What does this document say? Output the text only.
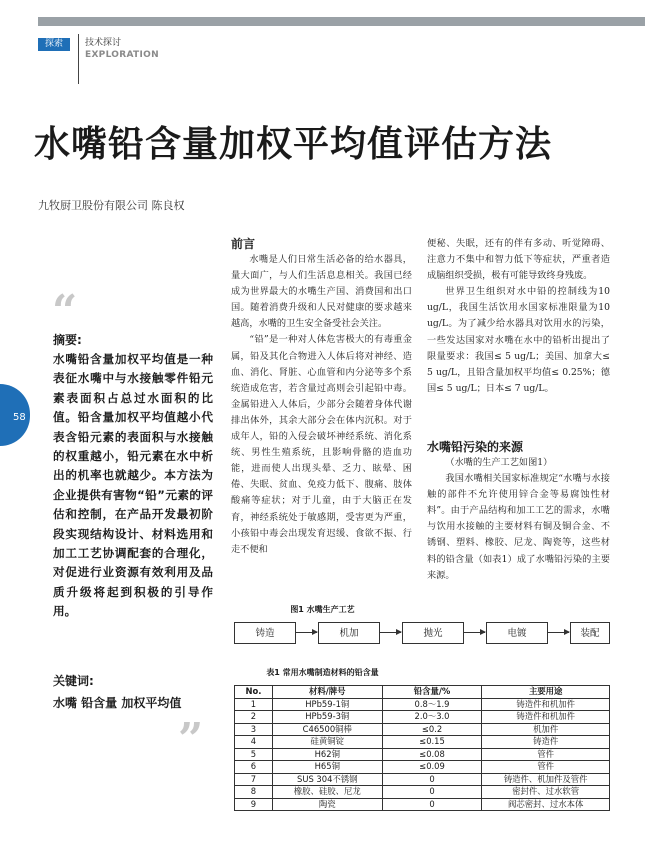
探索	技术探讨
EXPLORATION
水嘴铅含量加权平均值评估方法
九牧厨卫股份有限公司 陈良权
58
“
摘要:
水嘴铅含量加权平均值是一种表征水嘴中与水接触零件铅元素表面积占总过水面积的比值。铅含量加权平均值越小代表含铅元素的表面积与水接触的权重越小，铅元素在水中析出的机率也就越少。本方法为企业提供有害物“铅”元素的评估和控制，在产品开发最初阶段实现结构设计、材料选用和加工工艺协调配套的合理化，对促进行业资源有效利用及品质升级将起到积极的引导作用。
关键词:
水嘴 铅含量 加权平均值
”
前言

水嘴是人们日常生活必备的给水器具，量大面广，与人们生活息息相关。我国已经成为世界最大的水嘴生产国、消费国和出口国。随着消费升级和人民对健康的要求越来越高，水嘴的卫生安全备受社会关注。

“铅”是一种对人体危害极大的有毒重金属，铅及其化合物进入人体后将对神经、造血、消化、肾脏、心血管和内分泌等多个系统造成危害，若含量过高则会引起铅中毒。金属铅进入人体后，少部分会随着身体代谢排出体外，其余大部分会在体内沉积。对于成年人，铅的入侵会破坏神经系统、消化系统、男性生殖系统，且影响骨骼的造血功能，进而使人出现头晕、乏力、眩晕、困倦、失眠、贫血、免疫力低下、腹痛、肢体酸痛等症状；对于儿童，由于大脑正在发育，神经系统处于敏感期，受害更为严重，小孩铅中毒会出现发育迟缓、食欲不振、行走不便和

便秘、失眠，还有的伴有多动、听觉障碍、注意力不集中和智力低下等症状，严重者造成脑组织受损，极有可能导致终身残废。

世界卫生组织对水中铅的控制线为10 ug/L，我国生活饮用水国家标准限量为10 ug/L。为了减少给水器具对饮用水的污染，一些发达国家对水嘴在水中的铅析出提出了限量要求：我国≤ 5 ug/L；美国、加拿大≤ 5 ug/L，且铅含量加权平均值≤ 0.25%；德国≤ 5 ug/L；日本≤ 7 ug/L。

水嘴铅污染的来源

（水嘴的生产工艺如图1）

我国水嘴相关国家标准规定“水嘴与水接触的部件不允许使用锌合金等易腐蚀性材料”。由于产品结构和加工工艺的需求，水嘴与饮用水接触的主要材料有铜及铜合金、不锈钢、塑料、橡胶、尼龙、陶瓷等，这些材料的铅含量（如表1）成了水嘴铅污染的主要来源。

图1 水嘴生产工艺
铸造	机加	抛光	电镀	装配
表1 常用水嘴制造材料的铅含量
No.	材料/牌号	铅含量/%	主要用途
1	HPb59-1铜	0.8～1.9	铸造件和机加件
2	HPb59-3铜	2.0～3.0	铸造件和机加件
3	C46500铜棒	≤0.2	机加件
4	硅黄铜锭	≤0.15	铸造件
5	H62铜	≤0.08	管件
6	H65铜	≤0.09	管件
7	SUS 304不锈钢	0	铸造件、机加件及管件
8	橡胶、硅胶、尼龙	0	密封件、过水软管
9	陶瓷	0	阀芯密封、过水本体
